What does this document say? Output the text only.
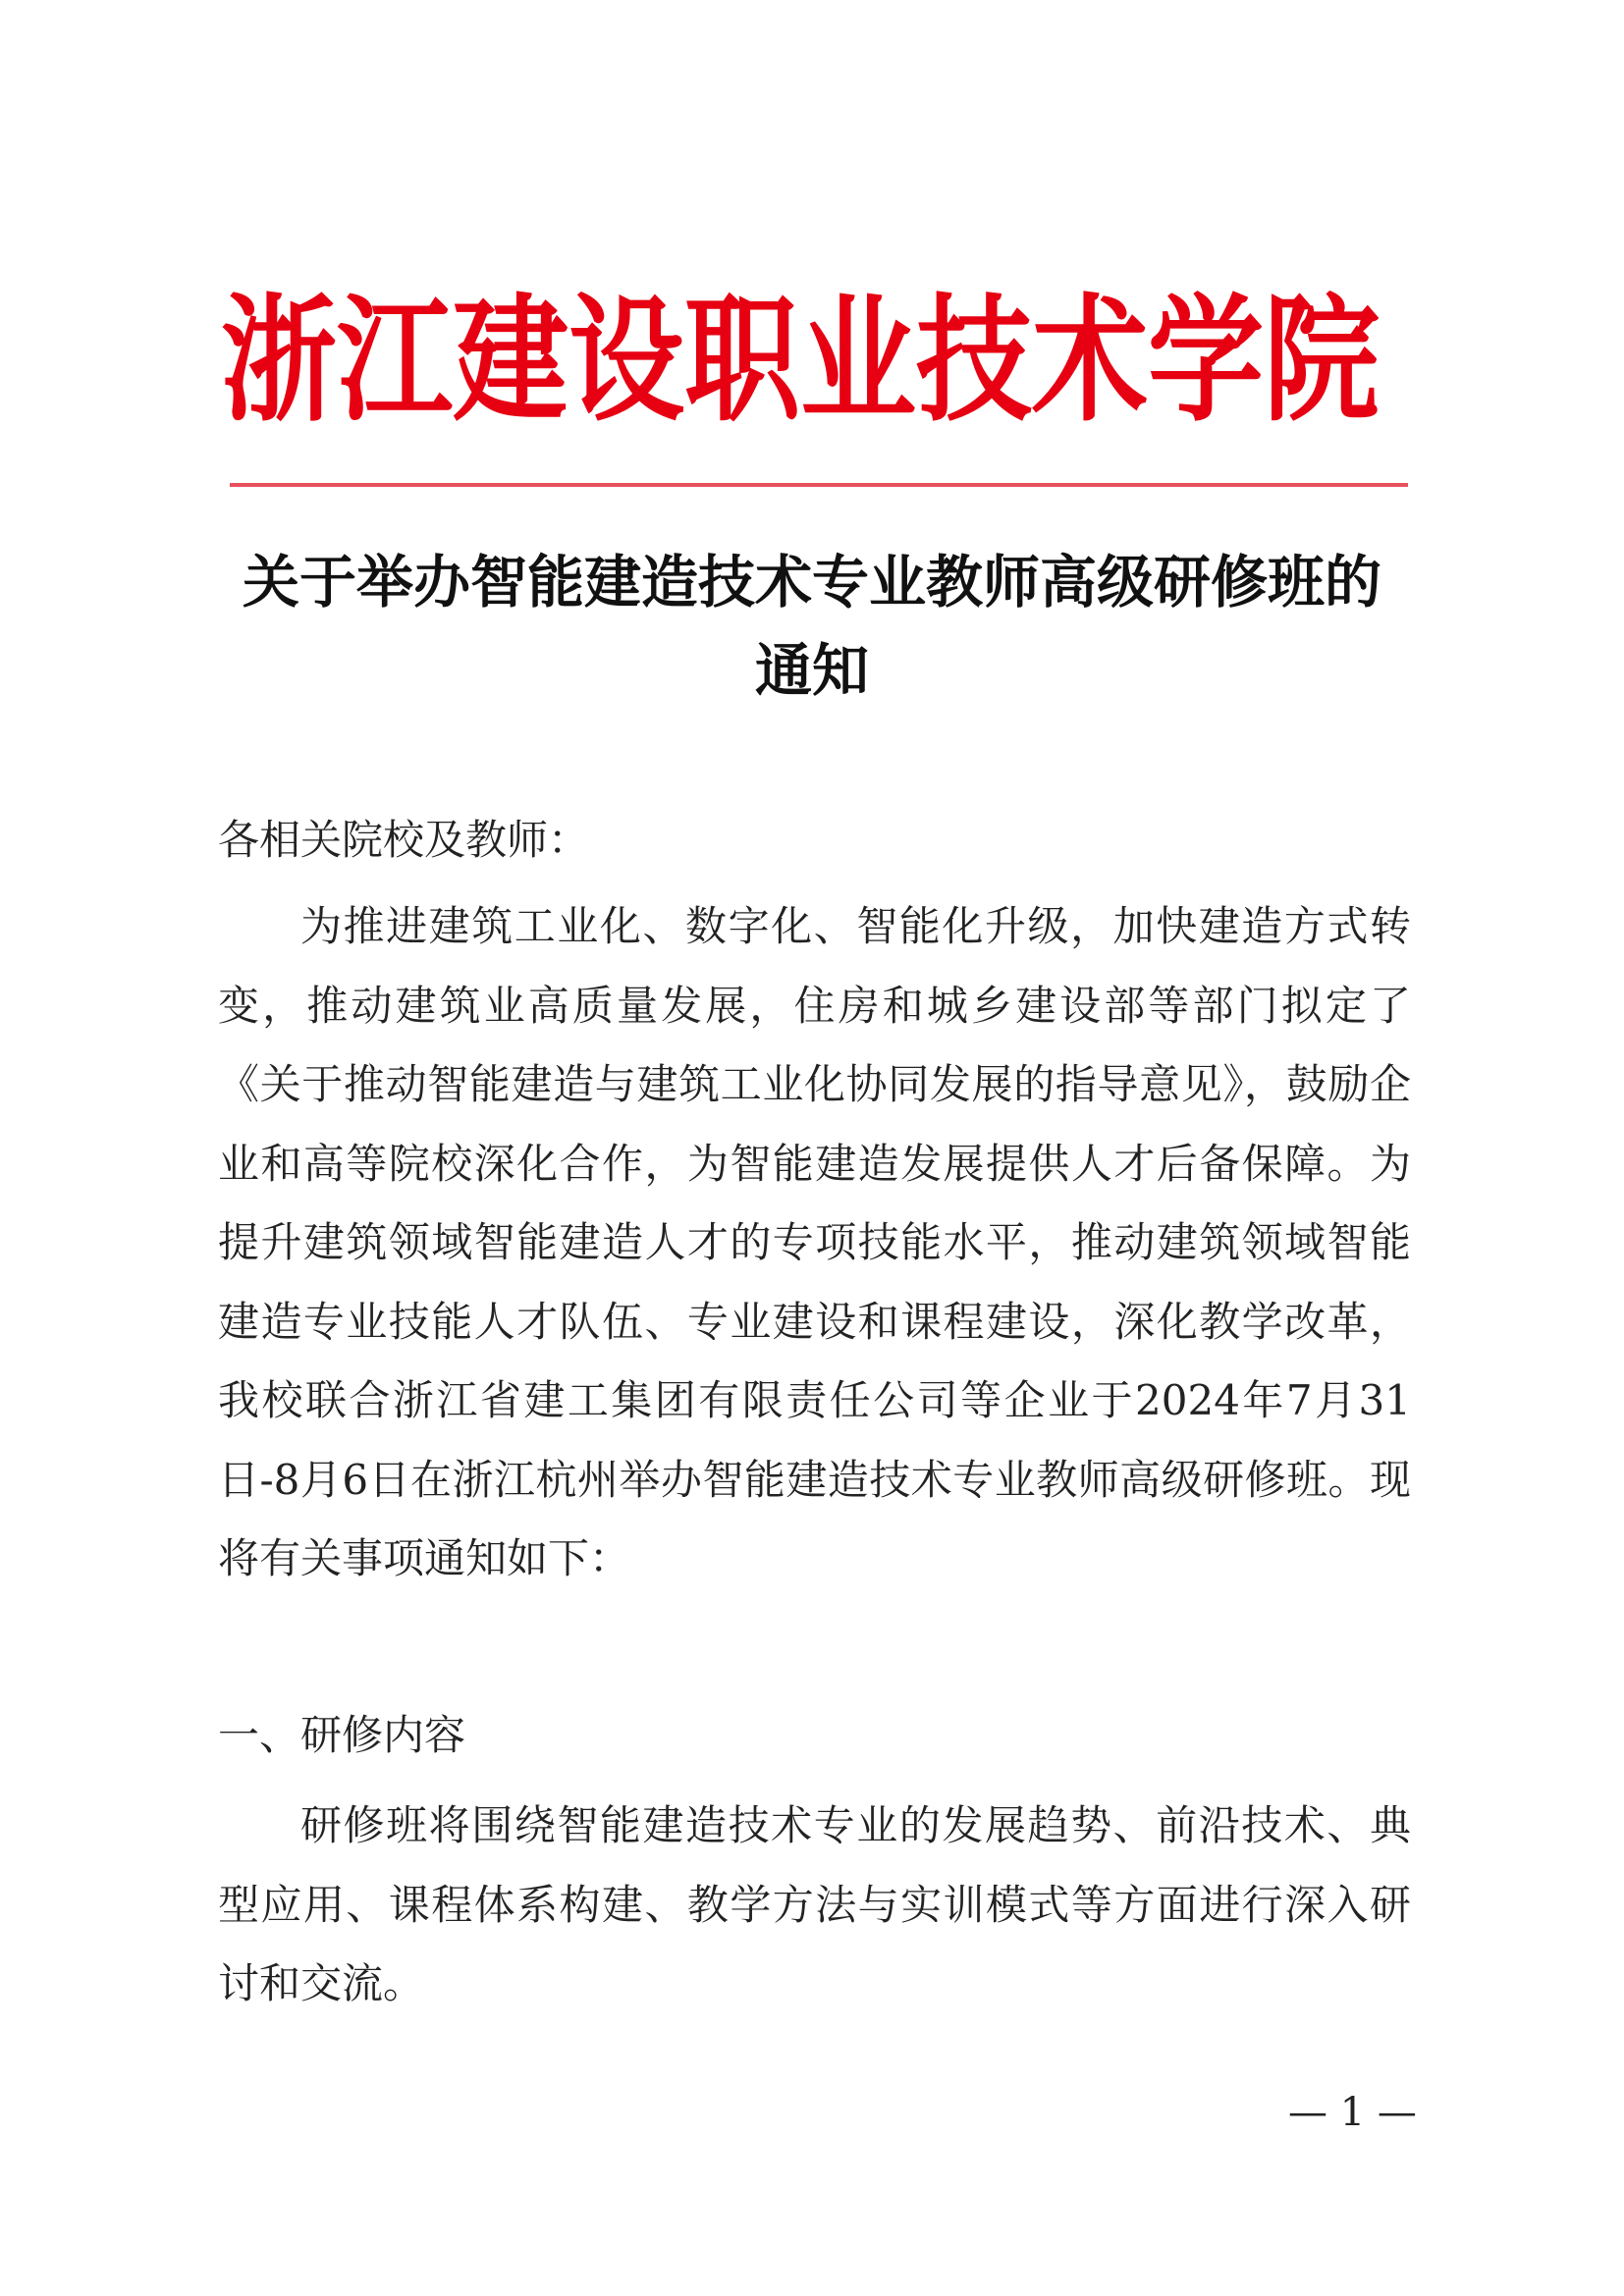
浙江建设职业技术学院
关于举办智能建造技术专业教师高级研修班的
通知

各相关院校及教师：

为推进建筑工业化、数字化、智能化升级，加快建造方式转变，推动建筑业高质量发展，住房和城乡建设部等部门拟定了《关于推动智能建造与建筑工业化协同发展的指导意见》，鼓励企业和高等院校深化合作，为智能建造发展提供人才后备保障。为提升建筑领域智能建造人才的专项技能水平，推动建筑领域智能建造专业技能人才队伍、专业建设和课程建设，深化教学改革，我校联合浙江省建工集团有限责任公司等企业于2024年7月31日-8月6日在浙江杭州举办智能建造技术专业教师高级研修班。现将有关事项通知如下：

一、研修内容

研修班将围绕智能建造技术专业的发展趋势、前沿技术、典型应用、课程体系构建、教学方法与实训模式等方面进行深入研讨和交流。

— 1 —
